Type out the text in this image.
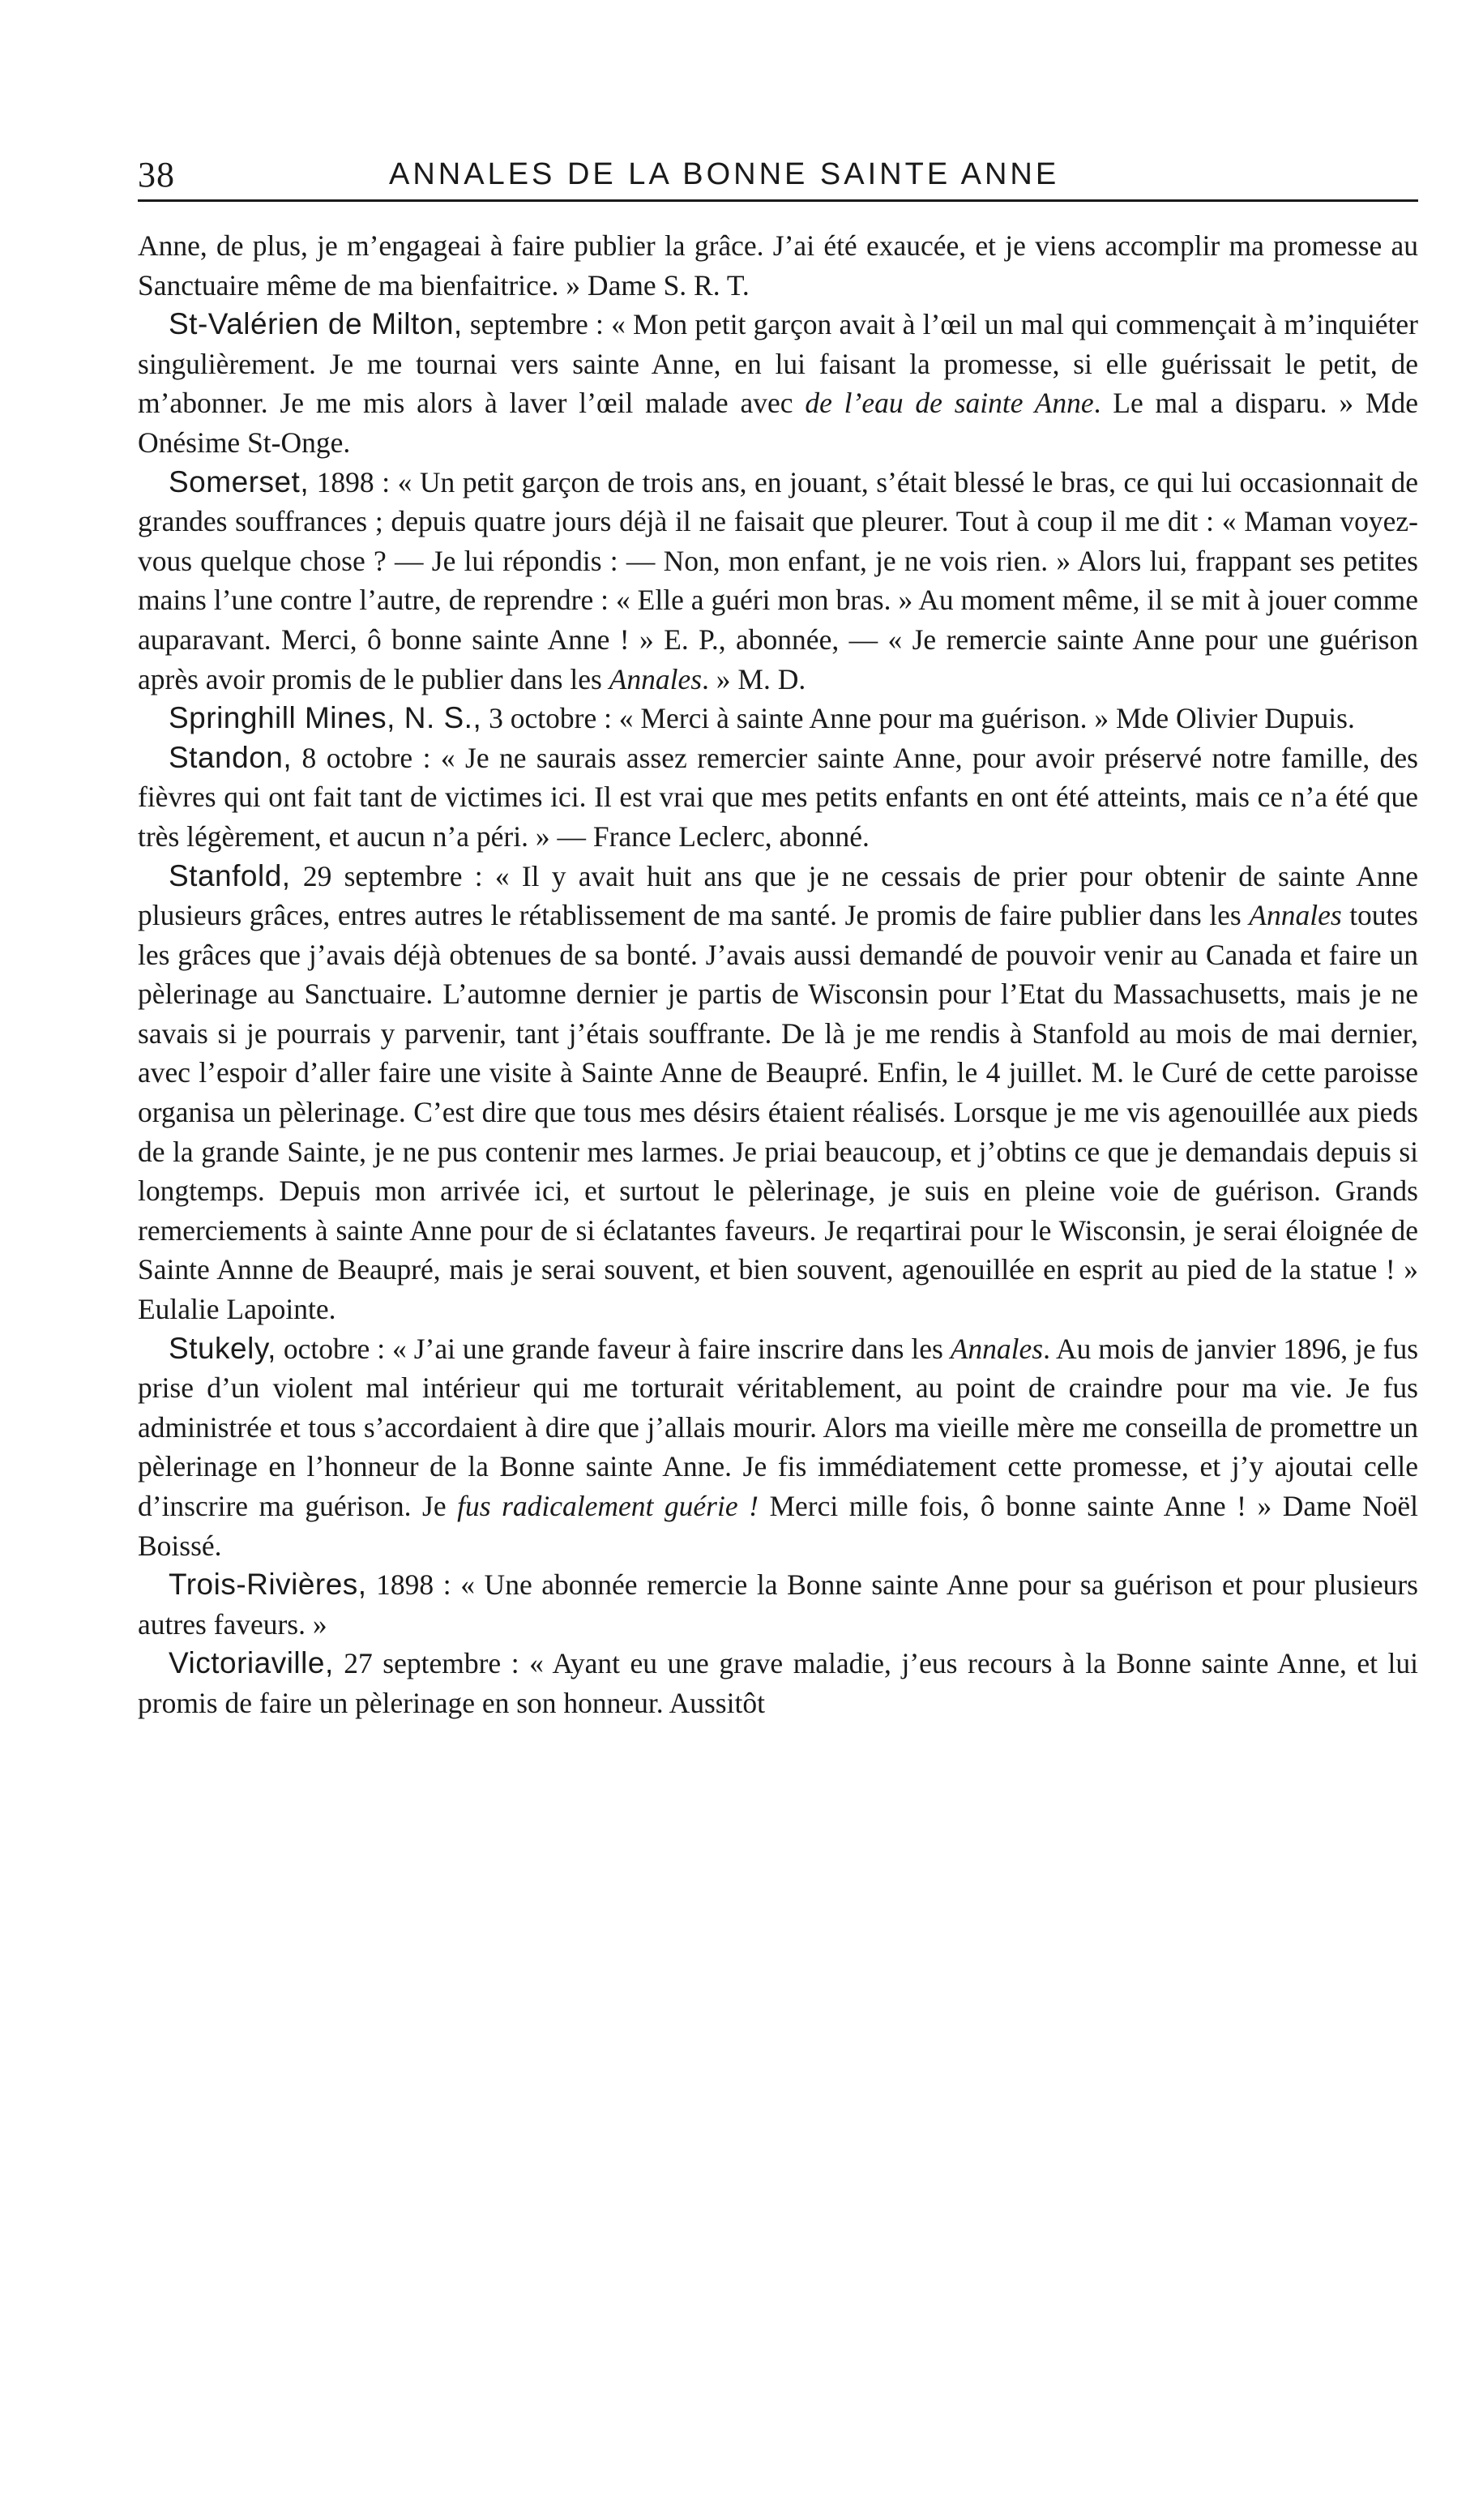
38	ANNALES DE LA BONNE SAINTE ANNE

Anne, de plus, je m’engageai à faire publier la grâce. J’ai été exaucée, et je viens accomplir ma promesse au Sanctuaire même de ma bienfaitrice. » Dame S. R. T.

St-Valérien de Milton, septembre : « Mon petit garçon avait à l’œil un mal qui commençait à m’inquiéter singulièrement. Je me tournai vers sainte Anne, en lui faisant la promesse, si elle guérissait le petit, de m’abonner. Je me mis alors à laver l’œil malade avec de l’eau de sainte Anne. Le mal a disparu. » Mde Onésime St-Onge.

Somerset, 1898 : « Un petit garçon de trois ans, en jouant, s’était blessé le bras, ce qui lui occasionnait de grandes souffrances ; depuis quatre jours déjà il ne faisait que pleurer. Tout à coup il me dit : « Maman voyez-vous quelque chose ? — Je lui répondis : — Non, mon enfant, je ne vois rien. » Alors lui, frappant ses petites mains l’une contre l’autre, de reprendre : « Elle a guéri mon bras. » Au moment même, il se mit à jouer comme auparavant. Merci, ô bonne sainte Anne ! » E. P., abonnée, — « Je remercie sainte Anne pour une guérison après avoir promis de le publier dans les Annales. » M. D.

Springhill Mines, N. S., 3 octobre : « Merci à sainte Anne pour ma guérison. » Mde Olivier Dupuis.

Standon, 8 octobre : « Je ne saurais assez remercier sainte Anne, pour avoir préservé notre famille, des fièvres qui ont fait tant de victimes ici. Il est vrai que mes petits enfants en ont été atteints, mais ce n’a été que très légèrement, et aucun n’a péri. » — France Leclerc, abonné.

Stanfold, 29 septembre : « Il y avait huit ans que je ne cessais de prier pour obtenir de sainte Anne plusieurs grâces, entres autres le rétablissement de ma santé. Je promis de faire publier dans les Annales toutes les grâces que j’avais déjà obtenues de sa bonté. J’avais aussi demandé de pouvoir venir au Canada et faire un pèlerinage au Sanctuaire. L’automne dernier je partis de Wisconsin pour l’Etat du Massachusetts, mais je ne savais si je pourrais y parvenir, tant j’étais souffrante. De là je me rendis à Stanfold au mois de mai dernier, avec l’espoir d’aller faire une visite à Sainte Anne de Beaupré. Enfin, le 4 juillet. M. le Curé de cette paroisse organisa un pèlerinage. C’est dire que tous mes désirs étaient réalisés. Lorsque je me vis agenouillée aux pieds de la grande Sainte, je ne pus contenir mes larmes. Je priai beaucoup, et j’obtins ce que je demandais depuis si longtemps. Depuis mon arrivée ici, et surtout le pèlerinage, je suis en pleine voie de guérison. Grands remerciements à sainte Anne pour de si éclatantes faveurs. Je reqartirai pour le Wisconsin, je serai éloignée de Sainte Annne de Beaupré, mais je serai souvent, et bien souvent, agenouillée en esprit au pied de la statue ! » Eulalie Lapointe.

Stukely, octobre : « J’ai une grande faveur à faire inscrire dans les Annales. Au mois de janvier 1896, je fus prise d’un violent mal intérieur qui me torturait véritablement, au point de craindre pour ma vie. Je fus administrée et tous s’accordaient à dire que j’allais mourir. Alors ma vieille mère me conseilla de promettre un pèlerinage en l’honneur de la Bonne sainte Anne. Je fis immédiatement cette promesse, et j’y ajoutai celle d’inscrire ma guérison. Je fus radicalement guérie ! Merci mille fois, ô bonne sainte Anne ! » Dame Noël Boissé.

Trois-Rivières, 1898 : « Une abonnée remercie la Bonne sainte Anne pour sa guérison et pour plusieurs autres faveurs. »

Victoriaville, 27 septembre : « Ayant eu une grave maladie, j’eus recours à la Bonne sainte Anne, et lui promis de faire un pèlerinage en son honneur. Aussitôt
